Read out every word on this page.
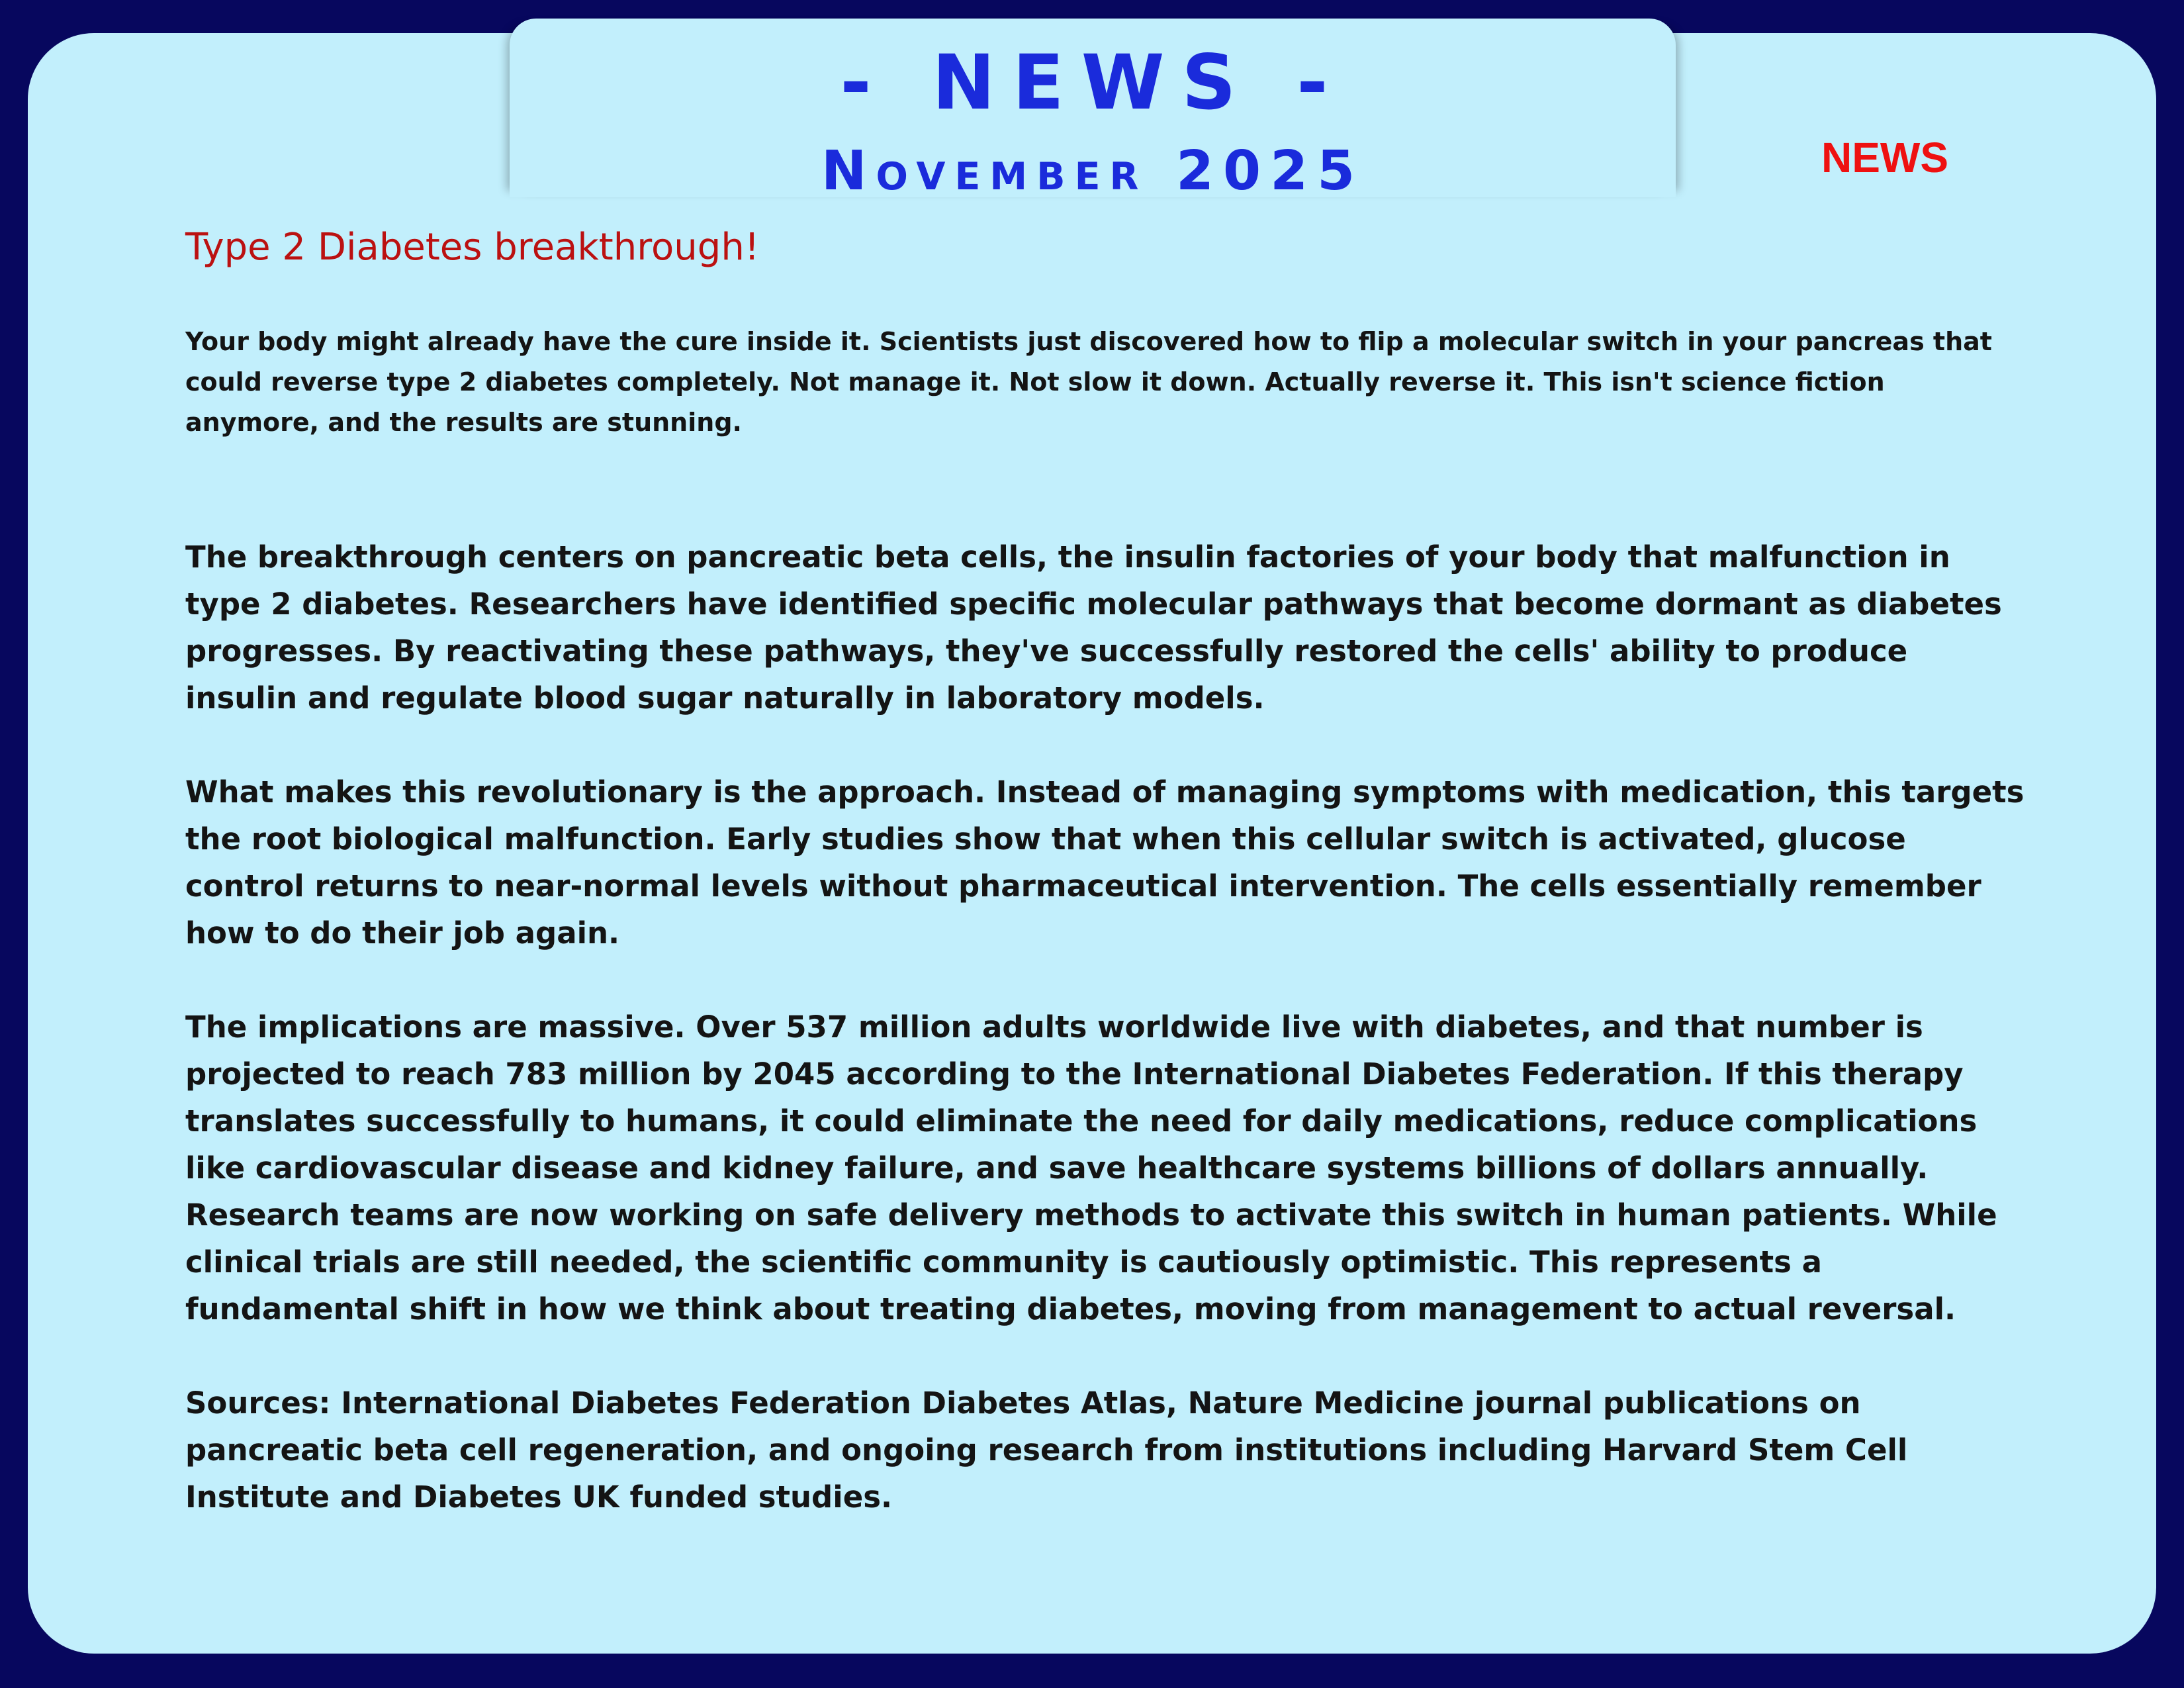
- NEWS -
November 2025	NEWS
Type 2 Diabetes breakthrough!

Your body might already have the cure inside it. Scientists just discovered how to flip a molecular switch in your pancreas that could reverse type 2 diabetes completely. Not manage it. Not slow it down. Actually reverse it. This isn't science fiction anymore, and the results are stunning.

The breakthrough centers on pancreatic beta cells, the insulin factories of your body that malfunction in type 2 diabetes. Researchers have identified specific molecular pathways that become dormant as diabetes progresses. By reactivating these pathways, they've successfully restored the cells' ability to produce insulin and regulate blood sugar naturally in laboratory models.

What makes this revolutionary is the approach. Instead of managing symptoms with medication, this targets the root biological malfunction. Early studies show that when this cellular switch is activated, glucose control returns to near-normal levels without pharmaceutical intervention. The cells essentially remember how to do their job again.

The implications are massive. Over 537 million adults worldwide live with diabetes, and that number is projected to reach 783 million by 2045 according to the International Diabetes Federation. If this therapy translates successfully to humans, it could eliminate the need for daily medications, reduce complications like cardiovascular disease and kidney failure, and save healthcare systems billions of dollars annually.

Research teams are now working on safe delivery methods to activate this switch in human patients. While clinical trials are still needed, the scientific community is cautiously optimistic. This represents a fundamental shift in how we think about treating diabetes, moving from management to actual reversal.

Sources: International Diabetes Federation Diabetes Atlas, Nature Medicine journal publications on pancreatic beta cell regeneration, and ongoing research from institutions including Harvard Stem Cell Institute and Diabetes UK funded studies.
